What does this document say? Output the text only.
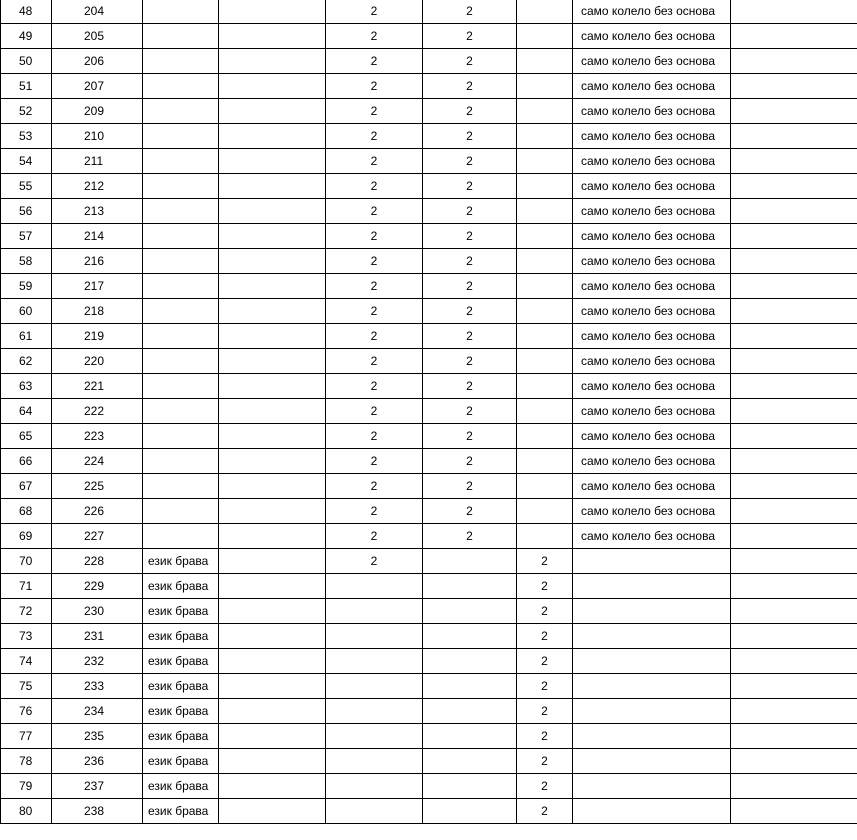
48	204			2	2		само колело без основа	
49	205			2	2		само колело без основа	
50	206			2	2		само колело без основа	
51	207			2	2		само колело без основа	
52	209			2	2		само колело без основа	
53	210			2	2		само колело без основа	
54	211			2	2		само колело без основа	
55	212			2	2		само колело без основа	
56	213			2	2		само колело без основа	
57	214			2	2		само колело без основа	
58	216			2	2		само колело без основа	
59	217			2	2		само колело без основа	
60	218			2	2		само колело без основа	
61	219			2	2		само колело без основа	
62	220			2	2		само колело без основа	
63	221			2	2		само колело без основа	
64	222			2	2		само колело без основа	
65	223			2	2		само колело без основа	
66	224			2	2		само колело без основа	
67	225			2	2		само колело без основа	
68	226			2	2		само колело без основа	
69	227			2	2		само колело без основа	
70	228	език брава		2		2		
71	229	език брава				2		
72	230	език брава				2		
73	231	език брава				2		
74	232	език брава				2		
75	233	език брава				2		
76	234	език брава				2		
77	235	език брава				2		
78	236	език брава				2		
79	237	език брава				2		
80	238	език брава				2		
